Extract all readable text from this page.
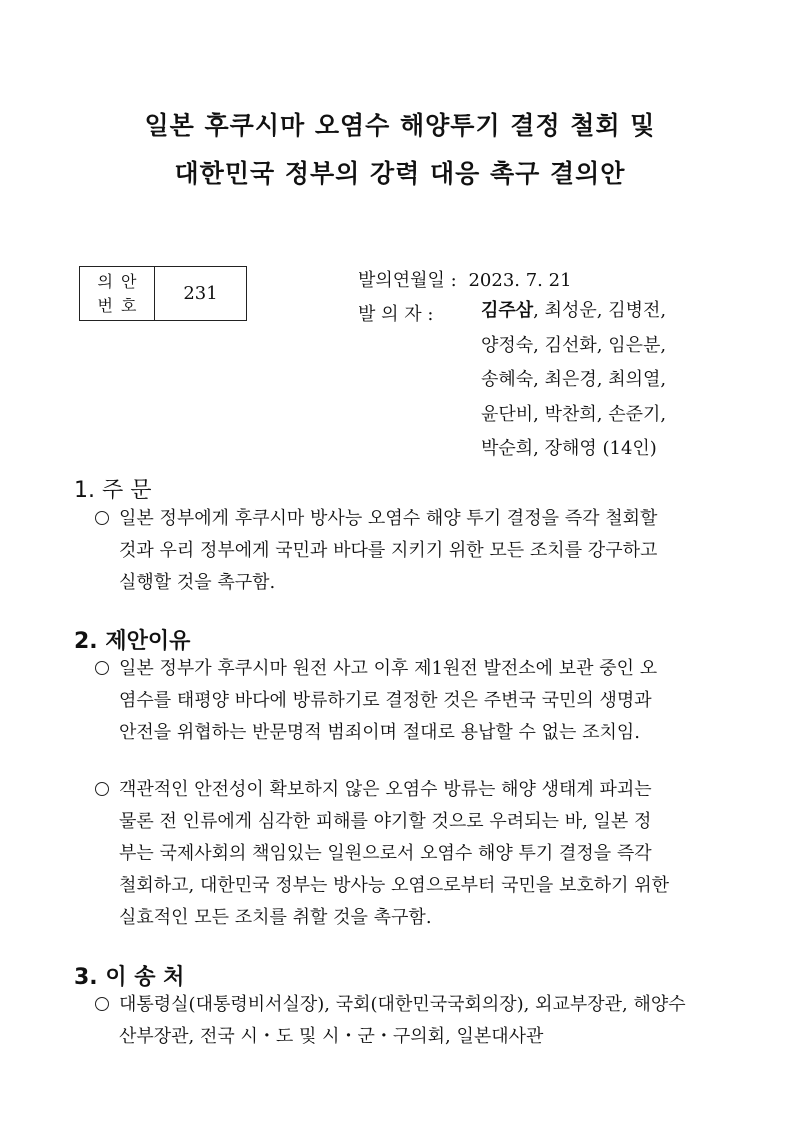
일본 후쿠시마 오염수 해양투기 결정 철회 및
대한민국 정부의 강력 대응 촉구 결의안
의안
번호
231
발의연월일 : 2023. 7. 21
발 의 자 :	김주삼, 최성운, 김병전,
양정숙, 김선화, 임은분,
송혜숙, 최은경, 최의열,
윤단비, 박찬희, 손준기,
박순희, 장해영 (14인)
1. 주 문
일본 정부에게 후쿠시마 방사능 오염수 해양 투기 결정을 즉각 철회할
것과 우리 정부에게 국민과 바다를 지키기 위한 모든 조치를 강구하고
실행할 것을 촉구함.
2. 제안이유
일본 정부가 후쿠시마 원전 사고 이후 제1원전 발전소에 보관 중인 오
염수를 태평양 바다에 방류하기로 결정한 것은 주변국 국민의 생명과
안전을 위협하는 반문명적 범죄이며 절대로 용납할 수 없는 조치임.
객관적인 안전성이 확보하지 않은 오염수 방류는 해양 생태계 파괴는
물론 전 인류에게 심각한 피해를 야기할 것으로 우려되는 바, 일본 정
부는 국제사회의 책임있는 일원으로서 오염수 해양 투기 결정을 즉각
철회하고, 대한민국 정부는 방사능 오염으로부터 국민을 보호하기 위한
실효적인 모든 조치를 취할 것을 촉구함.
3. 이 송 처
대통령실(대통령비서실장), 국회(대한민국국회의장), 외교부장관, 해양수
산부장관, 전국 시・도 및 시・군・구의회, 일본대사관
